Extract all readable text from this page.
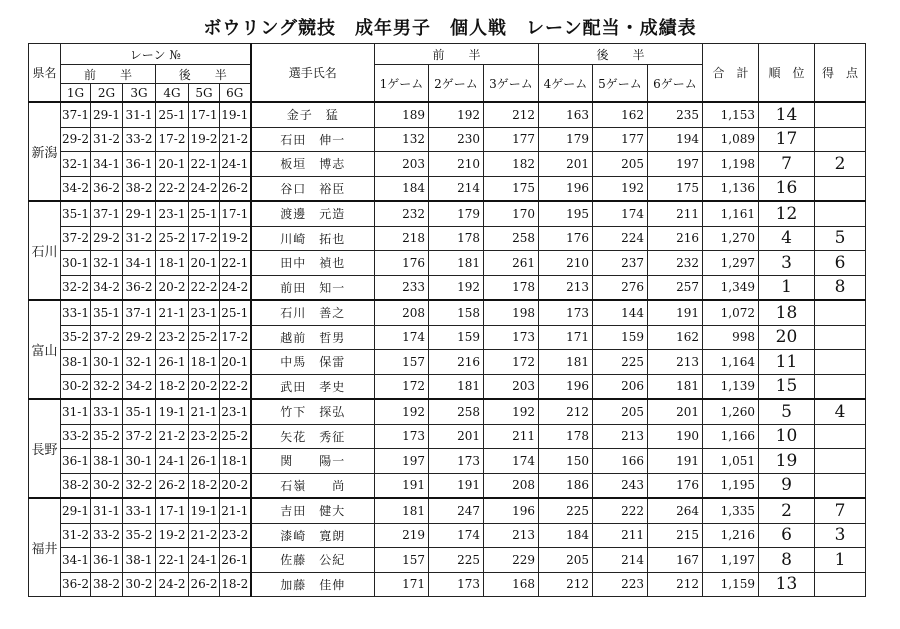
ボウリング競技　成年男子　個人戦　レーン配当・成績表
県名	レーン №						選手氏名	前　　半			後　　半			合　計	順　位	得　点
	前　　半			後　　半				1ゲーム	2ゲーム	3ゲーム	4ゲーム	5ゲーム	6ゲーム			
	1G	2G	3G	4G	5G	6G										
新潟	37-1	29-1	31-1	25-1	17-1	19-1	金子　猛	189	192	212	163	162	235	1,153	14	
	29-2	31-2	33-2	17-2	19-2	21-2	石田　伸一	132	230	177	179	177	194	1,089	17	
	32-1	34-1	36-1	20-1	22-1	24-1	板垣　博志	203	210	182	201	205	197	1,198	7	2
	34-2	36-2	38-2	22-2	24-2	26-2	谷口　裕臣	184	214	175	196	192	175	1,136	16	
石川	35-1	37-1	29-1	23-1	25-1	17-1	渡邊　元造	232	179	170	195	174	211	1,161	12	
	37-2	29-2	31-2	25-2	17-2	19-2	川崎　拓也	218	178	258	176	224	216	1,270	4	5
	30-1	32-1	34-1	18-1	20-1	22-1	田中　禎也	176	181	261	210	237	232	1,297	3	6
	32-2	34-2	36-2	20-2	22-2	24-2	前田　知一	233	192	178	213	276	257	1,349	1	8
富山	33-1	35-1	37-1	21-1	23-1	25-1	石川　善之	208	158	198	173	144	191	1,072	18	
	35-2	37-2	29-2	23-2	25-2	17-2	越前　哲男	174	159	173	171	159	162	998	20	
	38-1	30-1	32-1	26-1	18-1	20-1	中馬　保雷	157	216	172	181	225	213	1,164	11	
	30-2	32-2	34-2	18-2	20-2	22-2	武田　孝史	172	181	203	196	206	181	1,139	15	
長野	31-1	33-1	35-1	19-1	21-1	23-1	竹下　探弘	192	258	192	212	205	201	1,260	5	4
	33-2	35-2	37-2	21-2	23-2	25-2	矢花　秀征	173	201	211	178	213	190	1,166	10	
	36-1	38-1	30-1	24-1	26-1	18-1	関　　陽一	197	173	174	150	166	191	1,051	19	
	38-2	30-2	32-2	26-2	18-2	20-2	石嶺　　尚	191	191	208	186	243	176	1,195	9	
福井	29-1	31-1	33-1	17-1	19-1	21-1	吉田　健大	181	247	196	225	222	264	1,335	2	7
	31-2	33-2	35-2	19-2	21-2	23-2	漆崎　寛朗	219	174	213	184	211	215	1,216	6	3
	34-1	36-1	38-1	22-1	24-1	26-1	佐藤　公紀	157	225	229	205	214	167	1,197	8	1
	36-2	38-2	30-2	24-2	26-2	18-2	加藤　佳伸	171	173	168	212	223	212	1,159	13	
